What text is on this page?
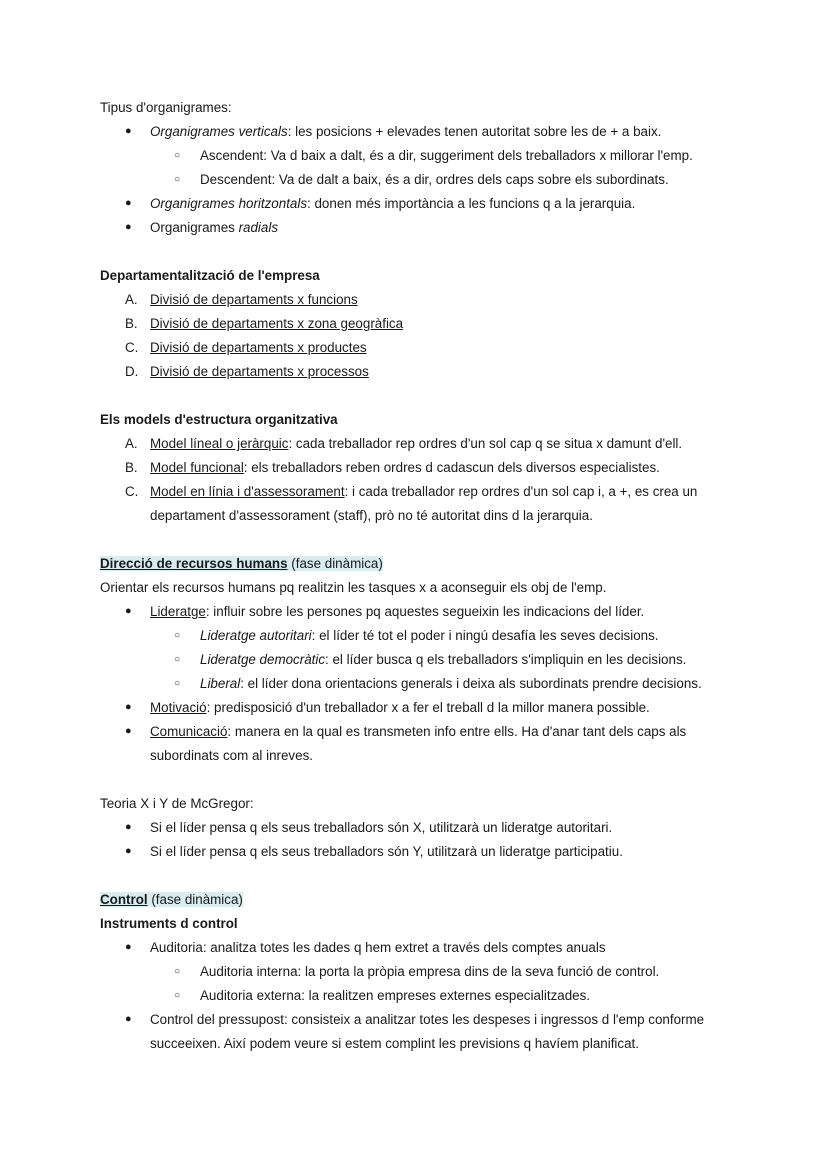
Tipus d'organigrames:
● Organigrames verticals: les posicions + elevades tenen autoritat sobre les de + a baix.
○ Ascendent: Va d baix a dalt, és a dir, suggeriment dels treballadors x millorar l'emp.
○ Descendent: Va de dalt a baix, és a dir, ordres dels caps sobre els subordinats.
● Organigrames horitzontals: donen més importància a les funcions q a la jerarquia.
● Organigrames radials
Departamentalització de l'empresa
A. Divisió de departaments x funcions
B. Divisió de departaments x zona geogràfica
C. Divisió de departaments x productes
D. Divisió de departaments x processos
Els models d'estructura organitzativa
A. Model líneal o jeràrquic: cada treballador rep ordres d'un sol cap q se situa x damunt d'ell.
B. Model funcional: els treballadors reben ordres d cadascun dels diversos especialistes.
C. Model en línia i d'assessorament: i cada treballador rep ordres d'un sol cap i, a +, es crea un
departament d'assessorament (staff), prò no té autoritat dins d la jerarquia.
Direcció de recursos humans (fase dinàmica)
Orientar els recursos humans pq realitzin les tasques x a aconseguir els obj de l'emp.
● Lideratge: influir sobre les persones pq aquestes segueixin les indicacions del líder.
○ Lideratge autoritari: el líder té tot el poder i ningú desafía les seves decisions.
○ Lideratge democràtic: el líder busca q els treballadors s'impliquin en les decisions.
○ Liberal: el líder dona orientacions generals i deixa als subordinats prendre decisions.
● Motivació: predisposició d'un treballador x a fer el treball d la millor manera possible.
● Comunicació: manera en la qual es transmeten info entre ells. Ha d'anar tant dels caps als
subordinats com al inreves.
Teoria X i Y de McGregor:
● Si el líder pensa q els seus treballadors són X, utilitzarà un lideratge autoritari.
● Si el líder pensa q els seus treballadors són Y, utilitzarà un lideratge participatiu.
Control (fase dinàmica)
Instruments d control
● Auditoria: analitza totes les dades q hem extret a través dels comptes anuals
○ Auditoria interna: la porta la pròpia empresa dins de la seva funció de control.
○ Auditoria externa: la realitzen empreses externes especialitzades.
● Control del pressupost: consisteix a analitzar totes les despeses i ingressos d l'emp conforme
succeeixen. Així podem veure si estem complint les previsions q havíem planificat.
